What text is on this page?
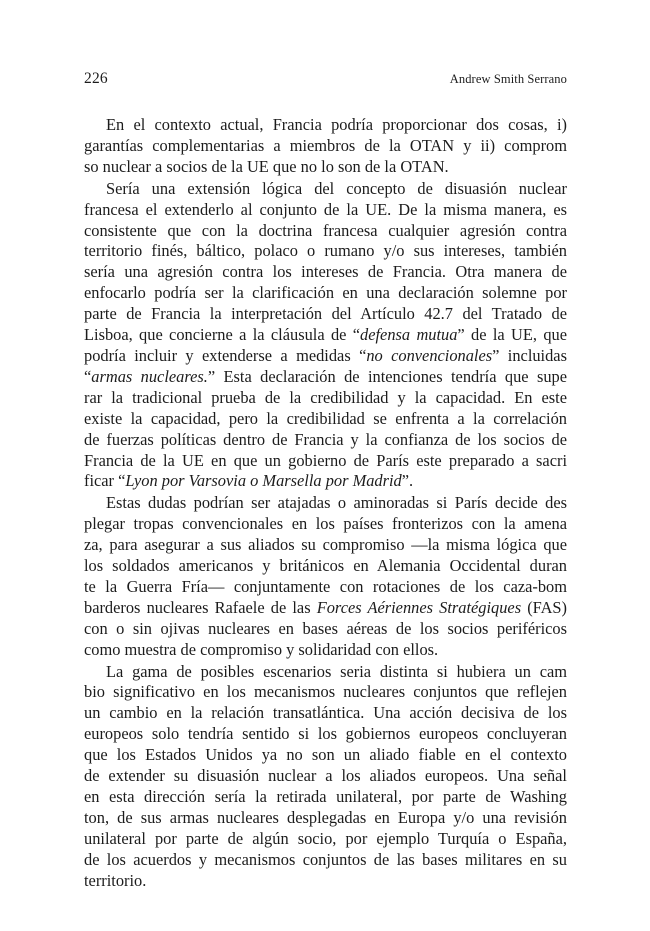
226	Andrew Smith Serrano

En el contexto actual, Francia podría proporcionar dos cosas, i)
garantías complementarias a miembros de la OTAN y ii) comprom
so nuclear a socios de la UE que no lo son de la OTAN.

Sería una extensión lógica del concepto de disuasión nuclear
francesa el extenderlo al conjunto de la UE. De la misma manera, es
consistente que con la doctrina francesa cualquier agresión contra
territorio finés, báltico, polaco o rumano y/o sus intereses, también
sería una agresión contra los intereses de Francia. Otra manera de
enfocarlo podría ser la clarificación en una declaración solemne por
parte de Francia la interpretación del Artículo 42.7 del Tratado de
Lisboa, que concierne a la cláusula de “defensa mutua” de la UE, que
podría incluir y extenderse a medidas “no convencionales” incluidas
“armas nucleares.” Esta declaración de intenciones tendría que supe
rar la tradicional prueba de la credibilidad y la capacidad. En este
existe la capacidad, pero la credibilidad se enfrenta a la correlación
de fuerzas políticas dentro de Francia y la confianza de los socios de
Francia de la UE en que un gobierno de París este preparado a sacri
ficar “Lyon por Varsovia o Marsella por Madrid”.

Estas dudas podrían ser atajadas o aminoradas si París decide des
plegar tropas convencionales en los países fronterizos con la amena
za, para asegurar a sus aliados su compromiso —la misma lógica que
los soldados americanos y británicos en Alemania Occidental duran
te la Guerra Fría— conjuntamente con rotaciones de los caza-bom
barderos nucleares Rafaele de las Forces Aériennes Stratégiques (FAS)
con o sin ojivas nucleares en bases aéreas de los socios periféricos
como muestra de compromiso y solidaridad con ellos.

La gama de posibles escenarios seria distinta si hubiera un cam
bio significativo en los mecanismos nucleares conjuntos que reflejen
un cambio en la relación transatlántica. Una acción decisiva de los
europeos solo tendría sentido si los gobiernos europeos concluyeran
que los Estados Unidos ya no son un aliado fiable en el contexto
de extender su disuasión nuclear a los aliados europeos. Una señal
en esta dirección sería la retirada unilateral, por parte de Washing
ton, de sus armas nucleares desplegadas en Europa y/o una revisión
unilateral por parte de algún socio, por ejemplo Turquía o España,
de los acuerdos y mecanismos conjuntos de las bases militares en su
territorio.
